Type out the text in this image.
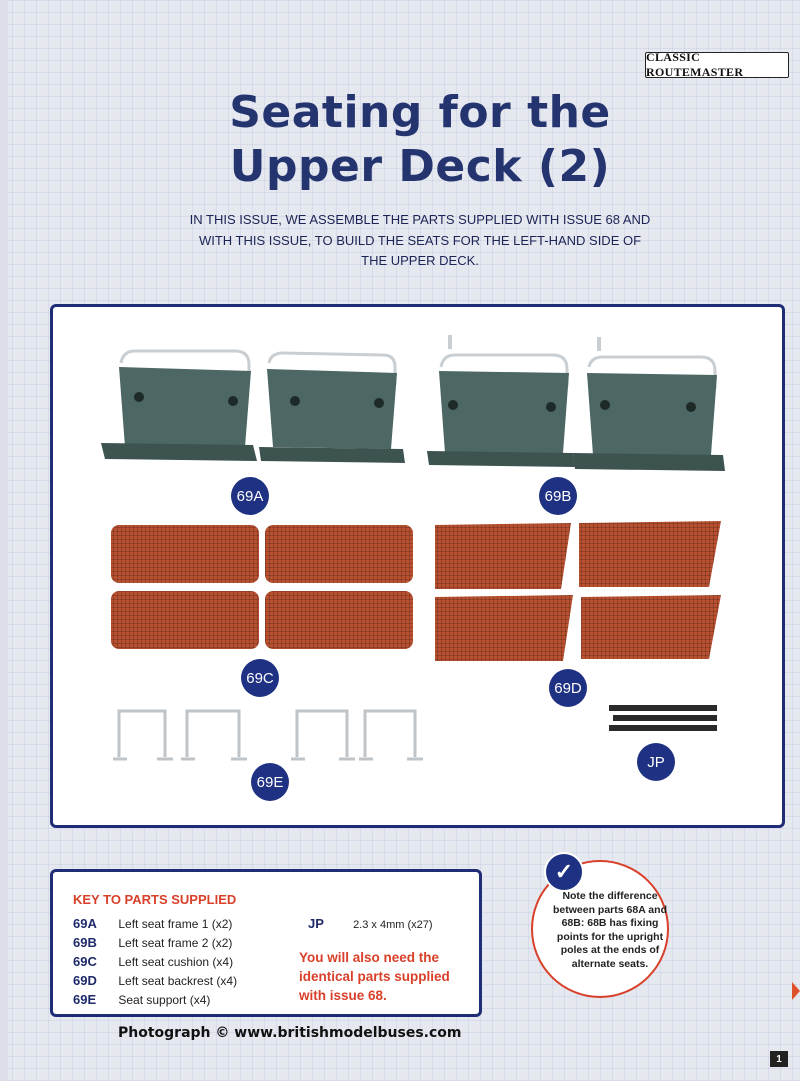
CLASSIC ROUTEMASTER
Seating for the
Upper Deck (2)
IN THIS ISSUE, WE ASSEMBLE THE PARTS SUPPLIED WITH ISSUE 68 AND
WITH THIS ISSUE, TO BUILD THE SEATS FOR THE LEFT-HAND SIDE OF
THE UPPER DECK.
69A	69B
69C
69D
69E
JP
KEY TO PARTS SUPPLIED
69A Left seat frame 1 (x2)
69B Left seat frame 2 (x2)
69C Left seat cushion (x4)
69D Left seat backrest (x4)
69E Seat support (x4)
JP	2.3 x 4mm (x27)
You will also need the identical parts supplied with issue 68.
✓
Note the difference between parts 68A and 68B: 68B has fixing points for the upright poles at the ends of alternate seats.
Photograph © www.britishmodelbuses.com
1
